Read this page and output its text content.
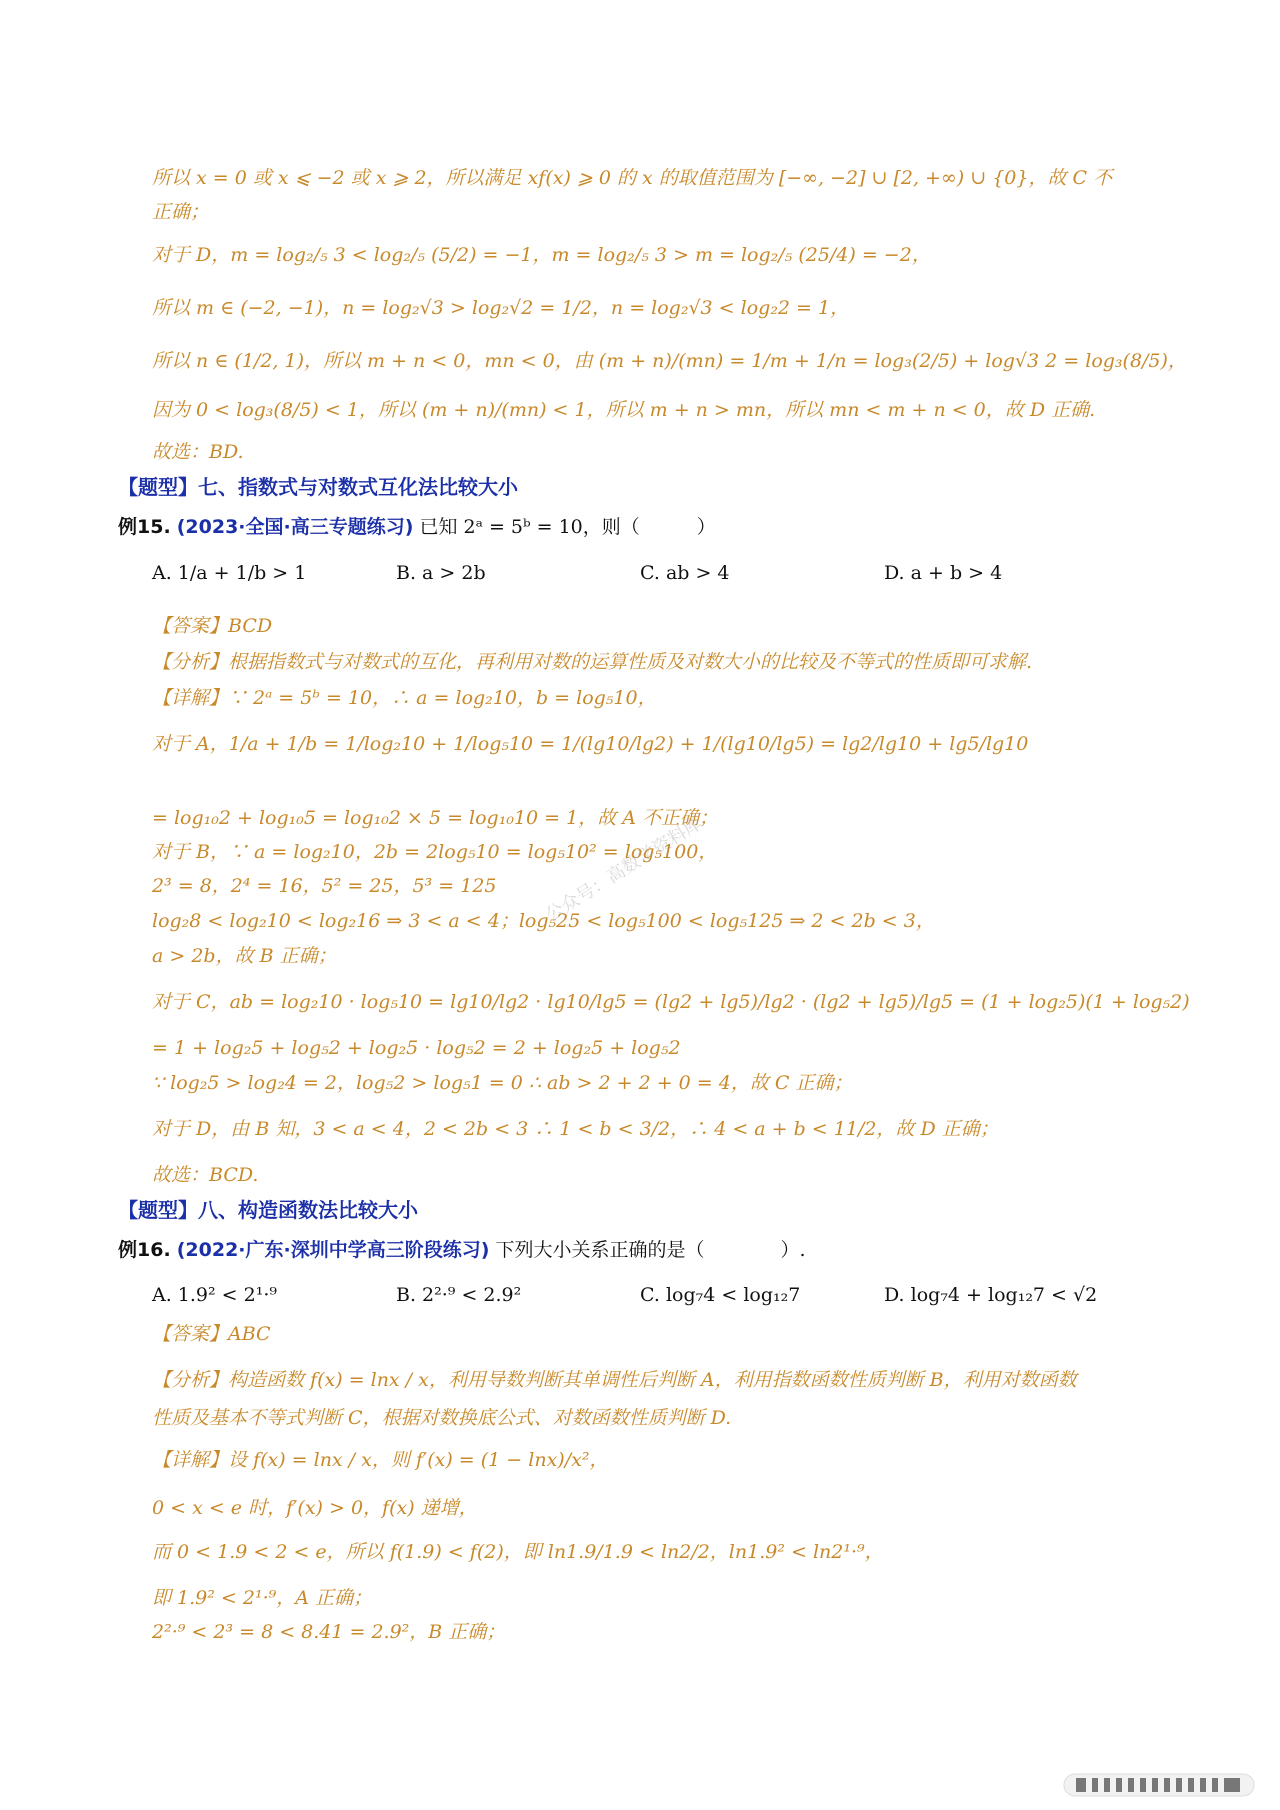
所以 x = 0 或 x ⩽ −2 或 x ⩾ 2，所以满足 xf(x) ⩾ 0 的 x 的取值范围为 [−∞, −2] ∪ [2, +∞) ∪ {0}，故 C 不
正确；
对于 D，m = log₂/₅ 3 < log₂/₅ (5/2) = −1，m = log₂/₅ 3 > m = log₂/₅ (25/4) = −2，
所以 m ∈ (−2, −1)，n = log₂√3 > log₂√2 = 1/2，n = log₂√3 < log₂2 = 1，
所以 n ∈ (1/2, 1)，所以 m + n < 0，mn < 0，由 (m + n)/(mn) = 1/m + 1/n = log₃(2/5) + log√3 2 = log₃(8/5)，
因为 0 < log₃(8/5) < 1，所以 (m + n)/(mn) < 1，所以 m + n > mn，所以 mn < m + n < 0，故 D 正确.
故选：BD.
【题型】七、指数式与对数式互化法比较大小
例15. (2023·全国·高三专题练习) 已知 2ᵃ = 5ᵇ = 10，则（　　　）
A. 1/a + 1/b > 1	B. a > 2b	C. ab > 4	D. a + b > 4
【答案】BCD
【分析】根据指数式与对数式的互化，再利用对数的运算性质及对数大小的比较及不等式的性质即可求解.
【详解】∵ 2ᵃ = 5ᵇ = 10，∴ a = log₂10，b = log₅10，
对于 A，1/a + 1/b = 1/log₂10 + 1/log₅10 = 1/(lg10/lg2) + 1/(lg10/lg5) = lg2/lg10 + lg5/lg10
= log₁₀2 + log₁₀5 = log₁₀2 × 5 = log₁₀10 = 1，故 A 不正确；
对于 B，∵ a = log₂10，2b = 2log₅10 = log₅10² = log₅100，
2³ = 8，2⁴ = 16，5² = 25，5³ = 125
log₂8 < log₂10 < log₂16 ⇒ 3 < a < 4；log₅25 < log₅100 < log₅125 ⇒ 2 < 2b < 3，
a > 2b，故 B 正确；
对于 C，ab = log₂10 · log₅10 = lg10/lg2 · lg10/lg5 = (lg2 + lg5)/lg2 · (lg2 + lg5)/lg5 = (1 + log₂5)(1 + log₅2)
= 1 + log₂5 + log₅2 + log₂5 · log₅2 = 2 + log₂5 + log₅2
∵ log₂5 > log₂4 = 2，log₅2 > log₅1 = 0 ∴ ab > 2 + 2 + 0 = 4，故 C 正确；
对于 D，由 B 知，3 < a < 4，2 < 2b < 3 ∴ 1 < b < 3/2，∴ 4 < a + b < 11/2，故 D 正确；
故选：BCD.
【题型】八、构造函数法比较大小
例16. (2022·广东·深圳中学高三阶段练习) 下列大小关系正确的是（　　　　）.
A. 1.9² < 2¹·⁹	B. 2²·⁹ < 2.9²	C. log₇4 < log₁₂7	D. log₇4 + log₁₂7 < √2
【答案】ABC
【分析】构造函数 f(x) = lnx / x，利用导数判断其单调性后判断 A，利用指数函数性质判断 B，利用对数函数
性质及基本不等式判断 C，根据对数换底公式、对数函数性质判断 D.
【详解】设 f(x) = lnx / x，则 f′(x) = (1 − lnx)/x²，
0 < x < e 时，f′(x) > 0，f(x) 递增，
而 0 < 1.9 < 2 < e，所以 f(1.9) < f(2)，即 ln1.9/1.9 < ln2/2，ln1.9² < ln2¹·⁹，
即 1.9² < 2¹·⁹，A 正确；
2²·⁹ < 2³ = 8 < 8.41 = 2.9²，B 正确；
公众号：高数学资料库
